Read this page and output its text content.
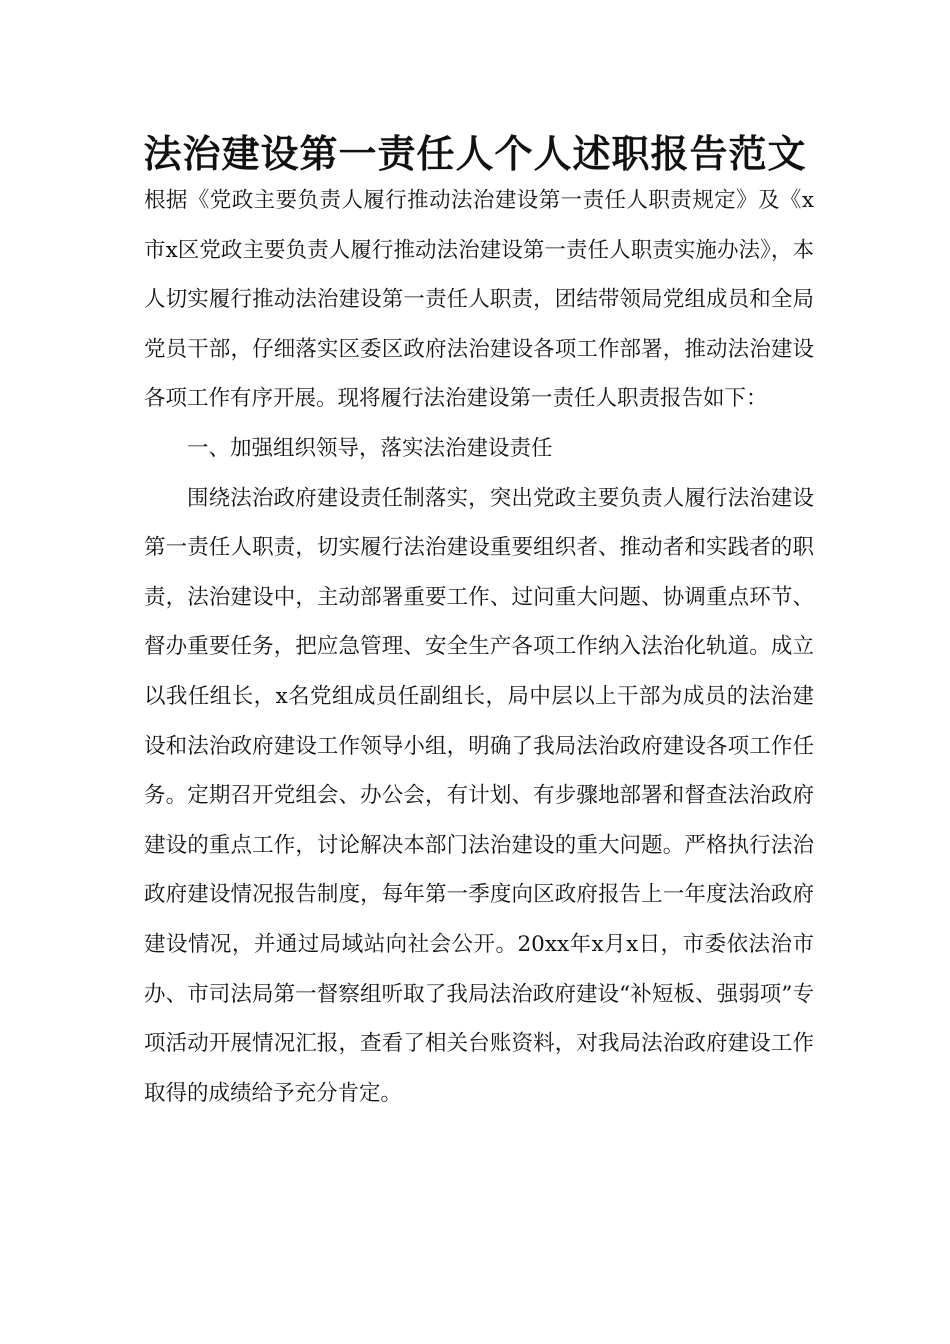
法治建设第一责任人个人述职报告范文

根据《党政主要负责人履行推动法治建设第一责任人职责规定》及《x市x区党政主要负责人履行推动法治建设第一责任人职责实施办法》，本人切实履行推动法治建设第一责任人职责，团结带领局党组成员和全局党员干部，仔细落实区委区政府法治建设各项工作部署，推动法治建设各项工作有序开展。现将履行法治建设第一责任人职责报告如下：

一、加强组织领导，落实法治建设责任

围绕法治政府建设责任制落实，突出党政主要负责人履行法治建设第一责任人职责，切实履行法治建设重要组织者、推动者和实践者的职责，法治建设中，主动部署重要工作、过问重大问题、协调重点环节、督办重要任务，把应急管理、安全生产各项工作纳入法治化轨道。成立以我任组长，x名党组成员任副组长，局中层以上干部为成员的法治建设和法治政府建设工作领导小组，明确了我局法治政府建设各项工作任务。定期召开党组会、办公会，有计划、有步骤地部署和督查法治政府建设的重点工作，讨论解决本部门法治建设的重大问题。严格执行法治政府建设情况报告制度，每年第一季度向区政府报告上一年度法治政府建设情况，并通过局域站向社会公开。20xx年x月x日，市委依法治市办、市司法局第一督察组听取了我局法治政府建设“补短板、强弱项”专项活动开展情况汇报，查看了相关台账资料，对我局法治政府建设工作取得的成绩给予充分肯定。
